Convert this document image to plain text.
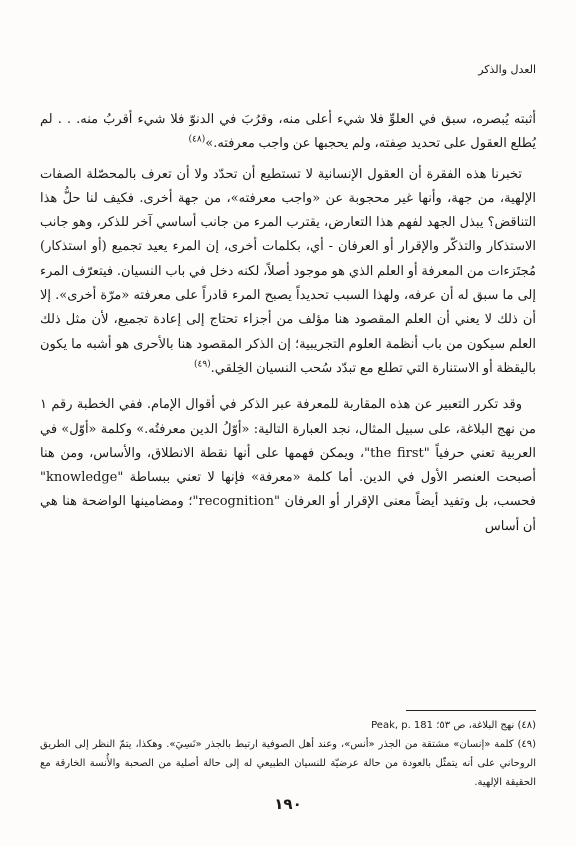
العدل والذكر

أثبته يُبصره، سبق في العلوِّ فلا شيء أعلى منه، وقرُبَ في الدنوّ فلا شيء أقربُ منه. . . لم يُطلع العقول على تحديد صِفته، ولم يحجبها عن واجب معرفته.»$^{(٤٨)}$

تخبرنا هذه الفقرة أن العقول الإنسانية لا تستطيع أن تحدّد ولا أن تعرف بالمحصّلة الصفات الإلهية، من جهة، وأنها غير محجوبة عن «واجب معرفته»، من جهة أخرى. فكيف لنا حلُّ هذا التناقض؟ يبذل الجهد لفهم هذا التعارض، يقترب المرء من جانب أساسي آخر للذكر، وهو جانب الاستذكار والتذكّر والإقرار أو العرفان - أي، بكلمات أخرى، إن المرء يعيد تجميع (أو استذكار) مُجتَزءات من المعرفة أو العلم الذي هو موجود أصلاً، لكنه دخل في باب النسيان. فيتعرّف المرء إلى ما سبق له أن عرفه، ولهذا السبب تحديداً يصبح المرء قادراً على معرفته «مرّة أخرى». إلا أن ذلك لا يعني أن العلم المقصود هنا مؤلف من أجزاء تحتاج إلى إعادة تجميع، لأن مثل ذلك العلم سيكون من باب أنظمة العلوم التجريبية؛ إن الذكر المقصود هنا بالأحرى هو أشبه ما يكون باليقظة أو الاستنارة التي تطلع مع تبدّد سُحب النسيان الخِلقي.$^{(٤٩)}$

وقد تكرر التعبير عن هذه المقاربة للمعرفة عبر الذكر في أقوال الإمام. ففي الخطبة رقم ١ من نهج البلاغة، على سبيل المثال، نجد العبارة التالية: «أوّلُ الدين معرفتُه.» وكلمة «أوّل» في العربية تعني حرفياً "the first"، ويمكن فهمها على أنها نقطة الانطلاق، والأساس، ومن هنا أصبحت العنصر الأول في الدين. أما كلمة «معرفة» فإنها لا تعني ببساطة "knowledge" فحسب، بل وتفيد أيضاً معنى الإقرار أو العرفان "recognition"؛ ومضامينها الواضحة هنا هي أن أساس

(٤٨) نهج البلاغة، ص ٥٣؛ Peak, p. 181

(٤٩) كلمة «إنسان» مشتقة من الجذر «أنس»، وعند أهل الصوفية ارتبط بالجذر «نَسِيَ». وهكذا، يتمّ النظر إلى الطريق الروحاني على أنه يتمثّل بالعودة من حالة عرضيّة للنسيان الطبيعي له إلى حالة أصلية من الصحبة والأُنسة الخارقة مع الحقيقة الإلهية.

١٩٠
